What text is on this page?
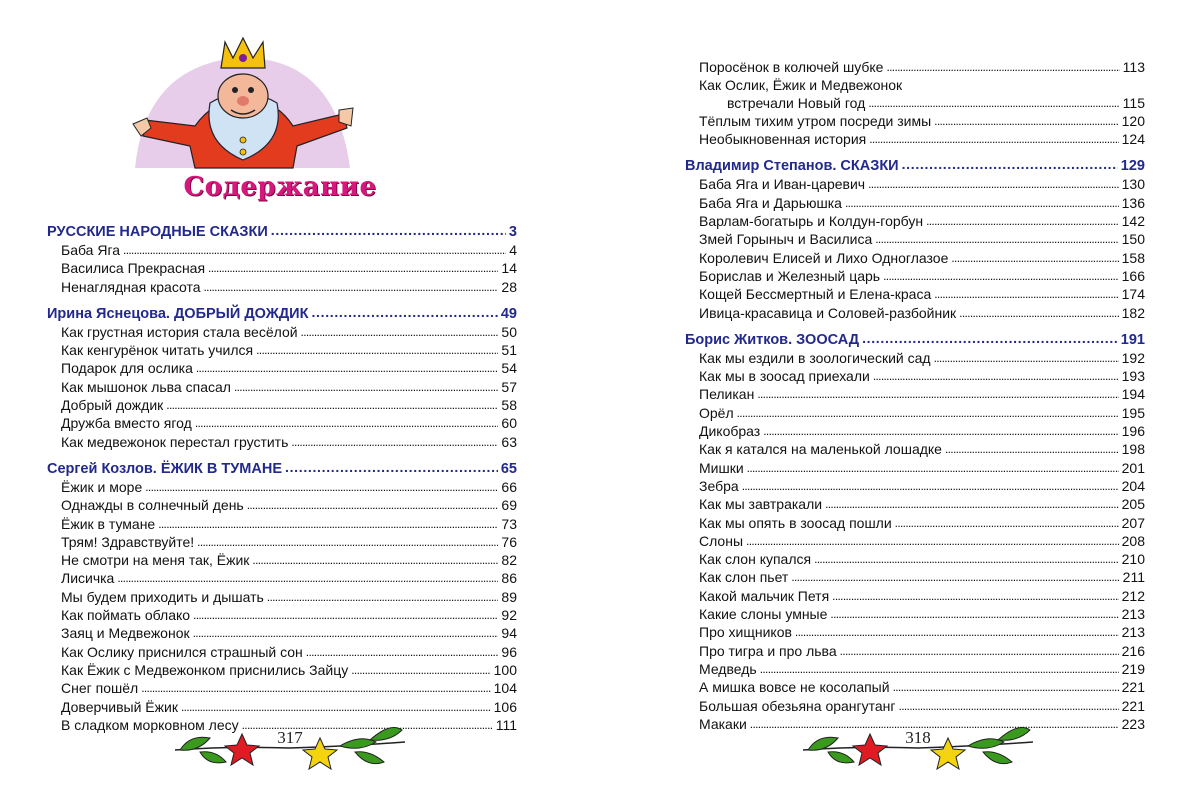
Содержание
РУССКИЕ НАРОДНЫЕ СКАЗКИ . . .	3
Баба Яга . . .	4
Василиса Прекрасная . . .	14
Ненаглядная красота . . .	28
Ирина Яснецова. ДОБРЫЙ ДОЖДИК . . .	49
Как грустная история стала весёлой . . .	50
Как кенгурёнок читать учился . . .	51
Подарок для ослика . . .	54
Как мышонок льва спасал . . .	57
Добрый дождик . . .	58
Дружба вместо ягод . . .	60
Как медвежонок перестал грустить . . .	63
Сергей Козлов. ЁЖИК В ТУМАНЕ . . .	65
Ёжик и море . . .	66
Однажды в солнечный день . . .	69
Ёжик в тумане . . .	73
Трям! Здравствуйте! . . .	76
Не смотри на меня так, Ёжик . . .	82
Лисичка . . .	86
Мы будем приходить и дышать . . .	89
Как поймать облако . . .	92
Заяц и Медвежонок . . .	94
Как Ослику приснился страшный сон . . .	96
Как Ёжик с Медвежонком приснились Зайцу . . .	100
Снег пошёл . . .	104
Доверчивый Ёжик . . .	106
В сладком морковном лесу . . .	111
317
Поросёнок в колючей шубке . . .	113
Как Ослик, Ёжик и Медвежонок
встречали Новый год . . .	115
Тёплым тихим утром посреди зимы . . .	120
Необыкновенная история . . .	124
Владимир Степанов. СКАЗКИ . . .	129
Баба Яга и Иван-царевич . . .	130
Баба Яга и Дарьюшка . . .	136
Варлам-богатырь и Колдун-горбун . . .	142
Змей Горыныч и Василиса . . .	150
Королевич Елисей и Лихо Одноглазое . . .	158
Борислав и Железный царь . . .	166
Кощей Бессмертный и Елена-краса . . .	174
Ивица-красавица и Соловей-разбойник . . .	182
Борис Житков. ЗООСАД . . .	191
Как мы ездили в зоологический сад . . .	192
Как мы в зоосад приехали . . .	193
Пеликан . . .	194
Орёл . . .	195
Дикобраз . . .	196
Как я катался на маленькой лошадке . . .	198
Мишки . . .	201
Зебра . . .	204
Как мы завтракали . . .	205
Как мы опять в зоосад пошли . . .	207
Слоны . . .	208
Как слон купался . . .	210
Как слон пьет . . .	211
Какой мальчик Петя . . .	212
Какие слоны умные . . .	213
Про хищников . . .	213
Про тигра и про льва . . .	216
Медведь . . .	219
А мишка вовсе не косолапый . . .	221
Большая обезьяна орангутанг . . .	221
Макаки . . .	223
318
